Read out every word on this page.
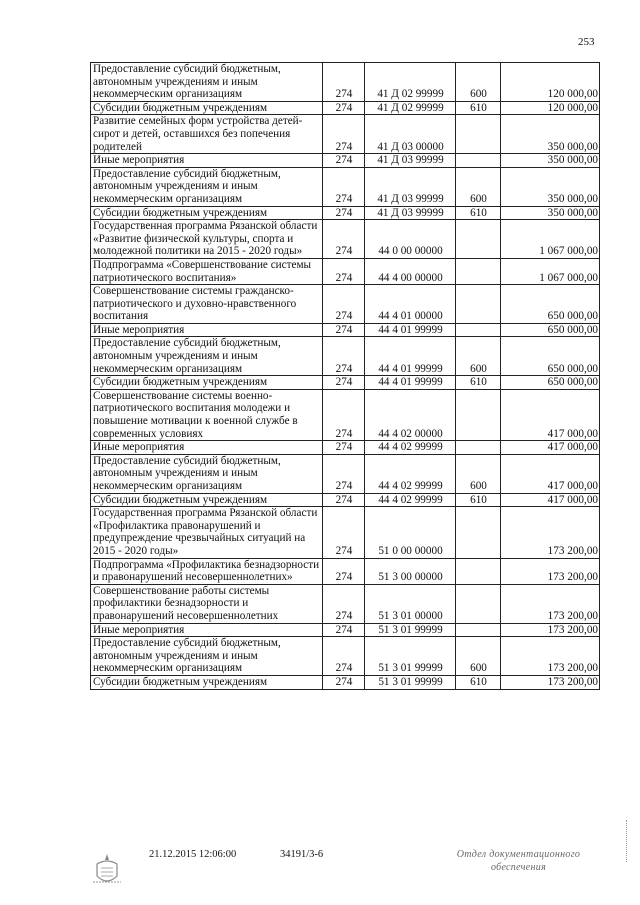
253
Предоставление субсидий бюджетным, автономным учреждениям и иным некоммерческим организациям	274	41 Д 02 99999	600	120 000,00
Субсидии бюджетным учреждениям	274	41 Д 02 99999	610	120 000,00
Развитие семейных форм устройства детей-сирот и детей, оставшихся без попечения родителей	274	41 Д 03 00000		350 000,00
Иные мероприятия	274	41 Д 03 99999		350 000,00
Предоставление субсидий бюджетным, автономным учреждениям и иным некоммерческим организациям	274	41 Д 03 99999	600	350 000,00
Субсидии бюджетным учреждениям	274	41 Д 03 99999	610	350 000,00
Государственная программа Рязанской области «Развитие физической культуры, спорта и молодежной политики на 2015 - 2020 годы»	274	44 0 00 00000		1 067 000,00
Подпрограмма «Совершенствование системы патриотического воспитания»	274	44 4 00 00000		1 067 000,00
Совершенствование системы гражданско-патриотического и духовно-нравственного воспитания	274	44 4 01 00000		650 000,00
Иные мероприятия	274	44 4 01 99999		650 000,00
Предоставление субсидий бюджетным, автономным учреждениям и иным некоммерческим организациям	274	44 4 01 99999	600	650 000,00
Субсидии бюджетным учреждениям	274	44 4 01 99999	610	650 000,00
Совершенствование системы военно-патриотического воспитания молодежи и повышение мотивации к военной службе в современных условиях	274	44 4 02 00000		417 000,00
Иные мероприятия	274	44 4 02 99999		417 000,00
Предоставление субсидий бюджетным, автономным учреждениям и иным некоммерческим организациям	274	44 4 02 99999	600	417 000,00
Субсидии бюджетным учреждениям	274	44 4 02 99999	610	417 000,00
Государственная программа Рязанской области «Профилактика правонарушений и предупреждение чрезвычайных ситуаций на 2015 - 2020 годы»	274	51 0 00 00000		173 200,00
Подпрограмма «Профилактика безнадзорности и правонарушений несовершеннолетних»	274	51 3 00 00000		173 200,00
Совершенствование работы системы профилактики безнадзорности и правонарушений несовершеннолетних	274	51 3 01 00000		173 200,00
Иные мероприятия	274	51 3 01 99999		173 200,00
Предоставление субсидий бюджетным, автономным учреждениям и иным некоммерческим организациям	274	51 3 01 99999	600	173 200,00
Субсидии бюджетным учреждениям	274	51 3 01 99999	610	173 200,00
21.12.2015 12:06:00	34191/3-6	Отдел документационного
обеспечения
